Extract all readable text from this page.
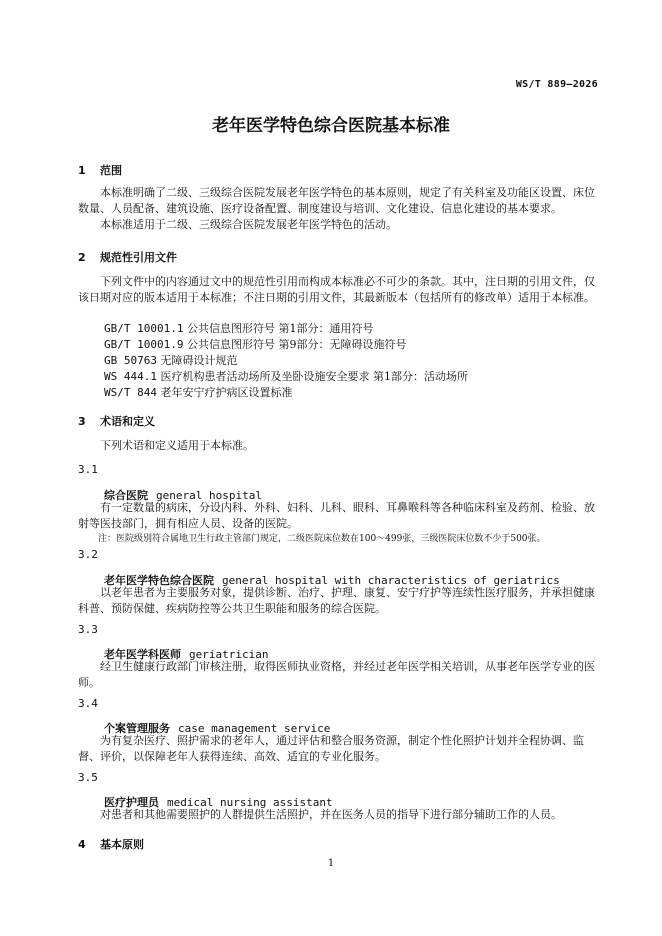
WS/T 889—2026
老年医学特色综合医院基本标准
1 范围

本标准明确了二级、三级综合医院发展老年医学特色的基本原则，规定了有关科室及功能区设置、床位数量、人员配备、建筑设施、医疗设备配置、制度建设与培训、文化建设、信息化建设的基本要求。

本标准适用于二级、三级综合医院发展老年医学特色的活动。

2 规范性引用文件

下列文件中的内容通过文中的规范性引用而构成本标准必不可少的条款。其中，注日期的引用文件，仅该日期对应的版本适用于本标准；不注日期的引用文件，其最新版本（包括所有的修改单）适用于本标准。

GB/T 10001.1 公共信息图形符号 第1部分：通用符号
GB/T 10001.9 公共信息图形符号 第9部分：无障碍设施符号
GB 50763 无障碍设计规范
WS 444.1 医疗机构患者活动场所及坐卧设施安全要求 第1部分：活动场所
WS/T 844 老年安宁疗护病区设置标准
3 术语和定义
下列术语和定义适用于本标准。
3.1
综合医院 general hospital

有一定数量的病床，分设内科、外科、妇科、儿科、眼科、耳鼻喉科等各种临床科室及药剂、检验、放射等医技部门，拥有相应人员、设备的医院。

注：医院级别符合属地卫生行政主管部门规定，二级医院床位数在100～499张，三级医院床位数不少于500张。
3.2
老年医学特色综合医院 general hospital with characteristics of geriatrics

以老年患者为主要服务对象，提供诊断、治疗、护理、康复、安宁疗护等连续性医疗服务，并承担健康科普、预防保健、疾病防控等公共卫生职能和服务的综合医院。

3.3
老年医学科医师 geriatrician

经卫生健康行政部门审核注册，取得医师执业资格，并经过老年医学相关培训，从事老年医学专业的医师。

3.4
个案管理服务 case management service

为有复杂医疗、照护需求的老年人，通过评估和整合服务资源，制定个性化照护计划并全程协调、监督、评价，以保障老年人获得连续、高效、适宜的专业化服务。

3.5
医疗护理员 medical nursing assistant

对患者和其他需要照护的人群提供生活照护，并在医务人员的指导下进行部分辅助工作的人员。

4 基本原则
1
